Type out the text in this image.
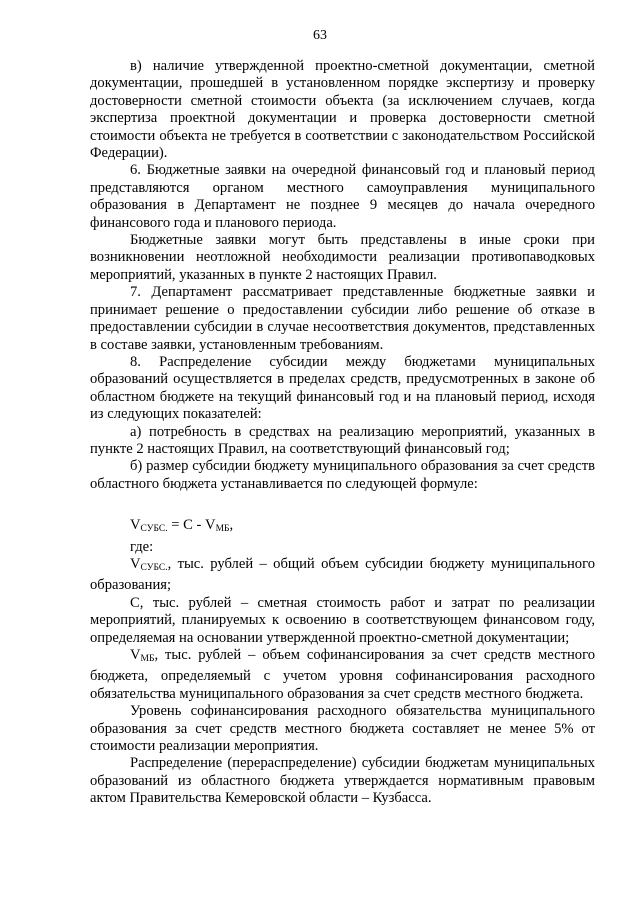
63

в) наличие утвержденной проектно-сметной документации, сметной документации, прошедшей в установленном порядке экспертизу и проверку достоверности сметной стоимости объекта (за исключением случаев, когда экспертиза проектной документации и проверка достоверности сметной стоимости объекта не требуется в соответствии с законодательством Российской Федерации).

6. Бюджетные заявки на очередной финансовый год и плановый период представляются органом местного самоуправления муниципального образования в Департамент не позднее 9 месяцев до начала очередного финансового года и планового периода.

Бюджетные заявки могут быть представлены в иные сроки при возникновении неотложной необходимости реализации противопаводковых мероприятий, указанных в пункте 2 настоящих Правил.

7. Департамент рассматривает представленные бюджетные заявки и принимает решение о предоставлении субсидии либо решение об отказе в предоставлении субсидии в случае несоответствия документов, представленных в составе заявки, установленным требованиям.

8. Распределение субсидии между бюджетами муниципальных образований осуществляется в пределах средств, предусмотренных в законе об областном бюджете на текущий финансовый год и на плановый период, исходя из следующих показателей:

а) потребность в средствах на реализацию мероприятий, указанных в пункте 2 настоящих Правил, на соответствующий финансовый год;

б) размер субсидии бюджету муниципального образования за счет средств областного бюджета устанавливается по следующей формуле:

$V_{СУБС.} = С - V_{МБ}$,
где:

$V_{СУБС.}$, тыс. рублей – общий объем субсидии бюджету муниципального образования;

С, тыс. рублей – сметная стоимость работ и затрат по реализации мероприятий, планируемых к освоению в соответствующем финансовом году, определяемая на основании утвержденной проектно-сметной документации;

$V_{МБ}$, тыс. рублей – объем софинансирования за счет средств местного бюджета, определяемый с учетом уровня софинансирования расходного обязательства муниципального образования за счет средств местного бюджета.

Уровень софинансирования расходного обязательства муниципального образования за счет средств местного бюджета составляет не менее 5% от стоимости реализации мероприятия.

Распределение (перераспределение) субсидии бюджетам муниципальных образований из областного бюджета утверждается нормативным правовым актом Правительства Кемеровской области – Кузбасса.
